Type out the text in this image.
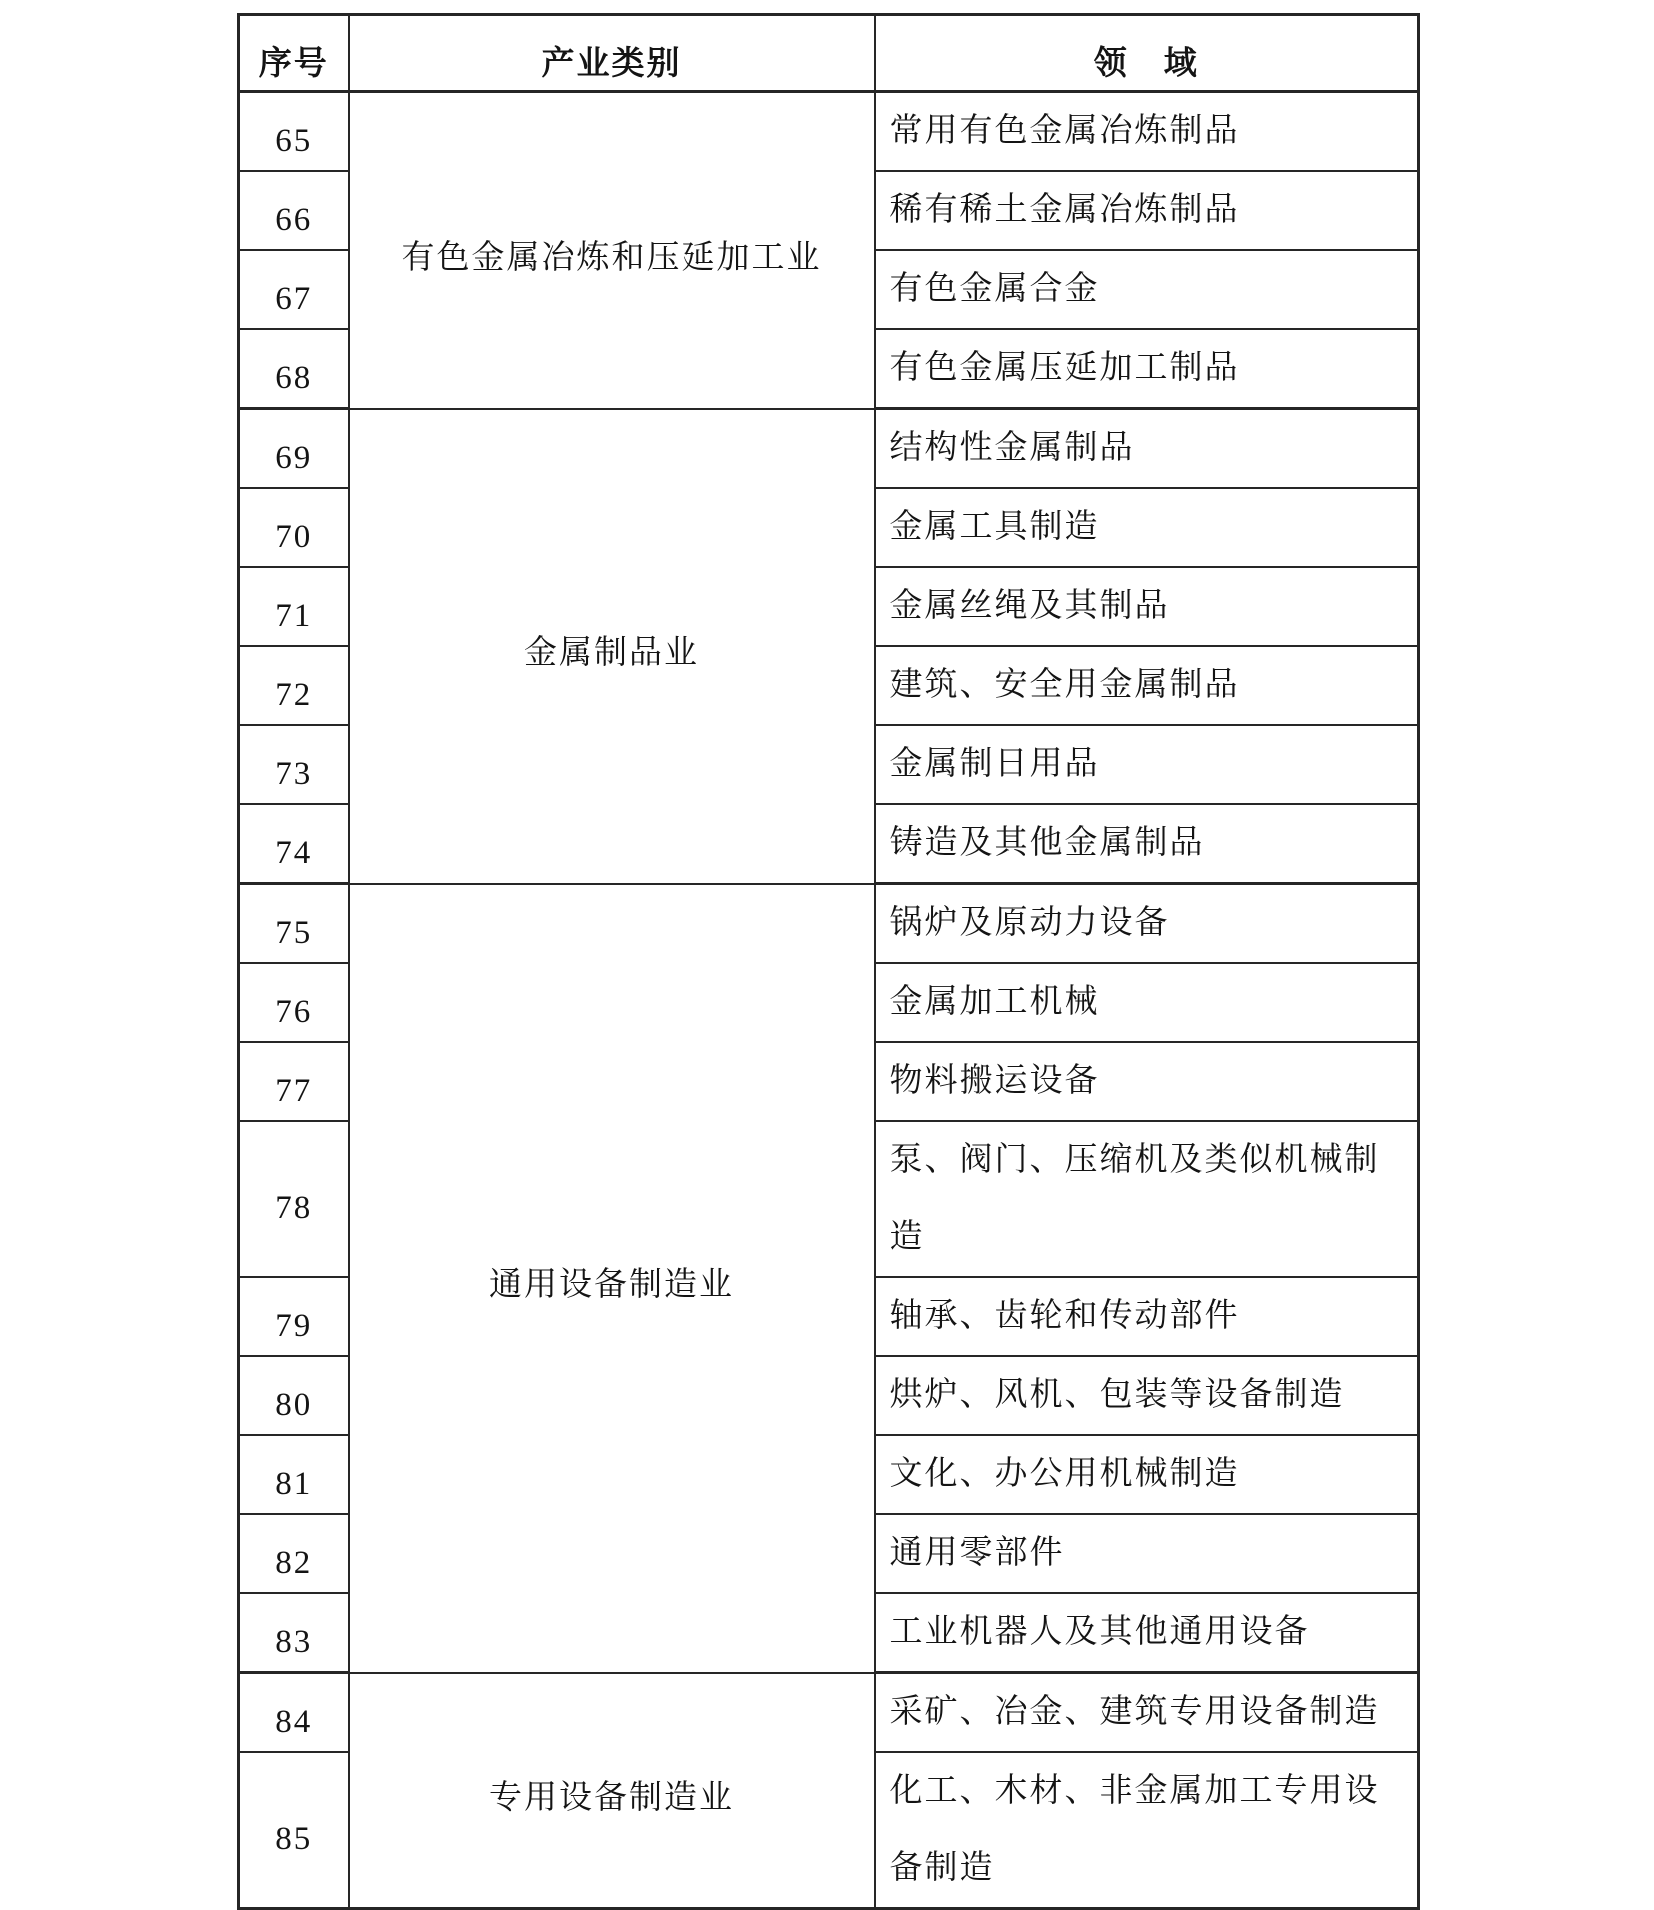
序号	产业类别	领　域
65	有色金属冶炼和压延加工业	常用有色金属冶炼制品
66		稀有稀土金属冶炼制品
67		有色金属合金
68		有色金属压延加工制品
69	金属制品业	结构性金属制品
70		金属工具制造
71		金属丝绳及其制品
72		建筑、安全用金属制品
73		金属制日用品
74		铸造及其他金属制品
75	通用设备制造业	锅炉及原动力设备
76		金属加工机械
77		物料搬运设备
78		泵、阀门、压缩机及类似机械制造
79		轴承、齿轮和传动部件
80		烘炉、风机、包装等设备制造
81		文化、办公用机械制造
82		通用零部件
83		工业机器人及其他通用设备
84	专用设备制造业	采矿、冶金、建筑专用设备制造
85		化工、木材、非金属加工专用设备制造
